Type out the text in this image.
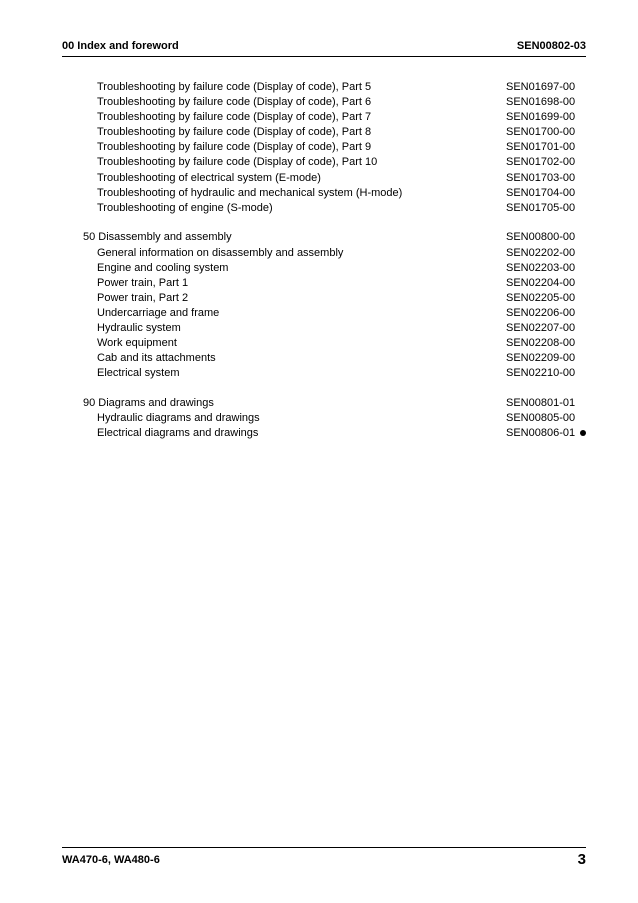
00 Index and foreword	SEN00802-03
Troubleshooting by failure code (Display of code), Part 5	SEN01697-00
Troubleshooting by failure code (Display of code), Part 6	SEN01698-00
Troubleshooting by failure code (Display of code), Part 7	SEN01699-00
Troubleshooting by failure code (Display of code), Part 8	SEN01700-00
Troubleshooting by failure code (Display of code), Part 9	SEN01701-00
Troubleshooting by failure code (Display of code), Part 10	SEN01702-00
Troubleshooting of electrical system (E-mode)	SEN01703-00
Troubleshooting of hydraulic and mechanical system (H-mode)	SEN01704-00
Troubleshooting of engine (S-mode)	SEN01705-00
50 Disassembly and assembly	SEN00800-00
General information on disassembly and assembly	SEN02202-00
Engine and cooling system	SEN02203-00
Power train, Part 1	SEN02204-00
Power train, Part 2	SEN02205-00
Undercarriage and frame	SEN02206-00
Hydraulic system	SEN02207-00
Work equipment	SEN02208-00
Cab and its attachments	SEN02209-00
Electrical system	SEN02210-00
90 Diagrams and drawings	SEN00801-01
Hydraulic diagrams and drawings	SEN00805-00
Electrical diagrams and drawings	SEN00806-01
WA470-6, WA480-6	3
